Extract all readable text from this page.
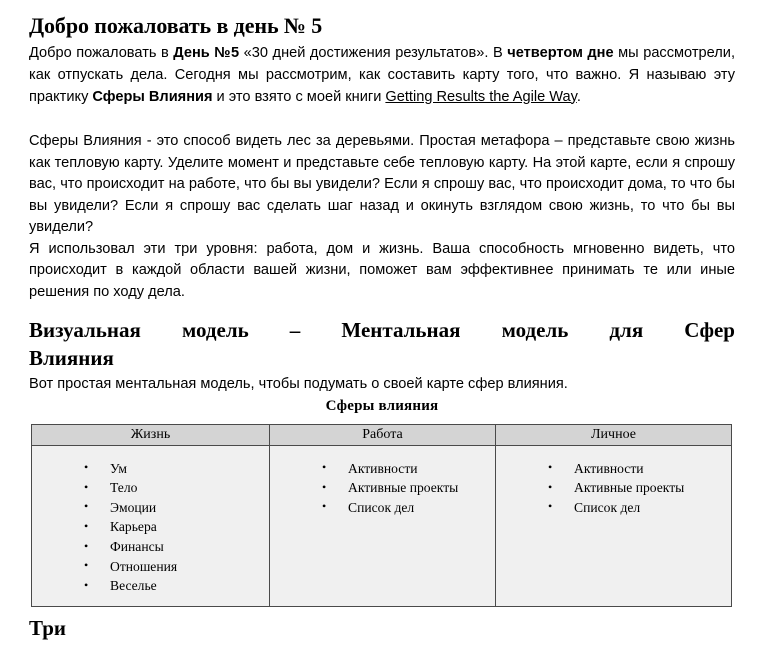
Добро пожаловать в день № 5

Добро пожаловать в День №5 «30 дней достижения результатов». В четвертом дне мы рассмотрели, как отпускать дела. Сегодня мы рассмотрим, как составить карту того, что важно. Я называю эту практику Сферы Влияния и это взято с моей книги Getting Results the Agile Way.

Сферы Влияния - это способ видеть лес за деревьями. Простая метафора – представьте свою жизнь как тепловую карту. Уделите момент и представьте себе тепловую карту. На этой карте, если я спрошу вас, что происходит на работе, что бы вы увидели? Если я спрошу вас, что происходит дома, то что бы вы увидели? Если я спрошу вас сделать шаг назад и окинуть взглядом свою жизнь, то что бы вы увидели?

Я использовал эти три уровня: работа, дом и жизнь. Ваша способность мгновенно видеть, что происходит в каждой области вашей жизни, поможет вам эффективнее принимать те или иные решения по ходу дела.

Визуальная модель – Ментальная модель для Сфер
Влияния

Вот простая ментальная модель, чтобы подумать о своей карте сфер влияния.

Сферы влияния
Жизнь	Работа	Личное

• Ум
• Тело
• Эмоции
• Карьера
• Финансы
• Отношения
• Веселье

• Активности
• Активные проекты
• Список дел

• Активности
• Активные проекты
• Список дел
Три
